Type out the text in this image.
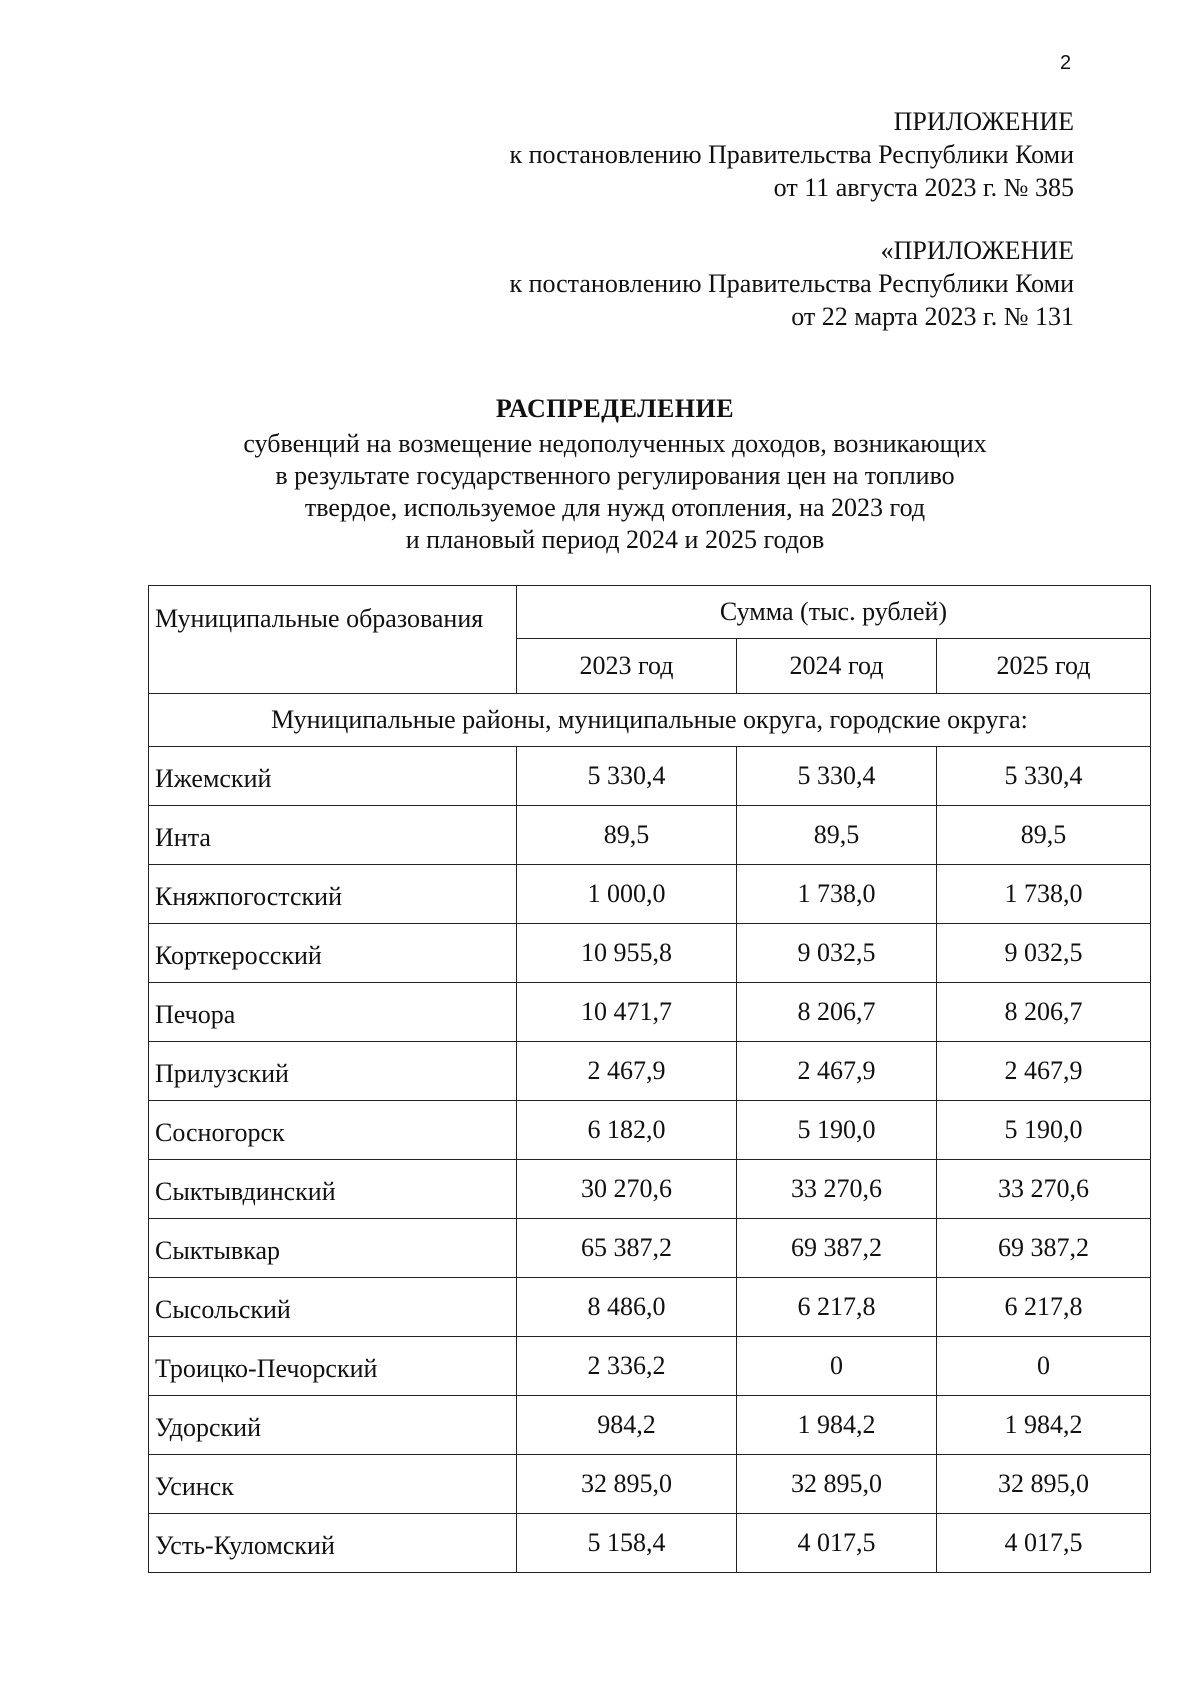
2
ПРИЛОЖЕНИЕ
к постановлению Правительства Республики Коми
от 11 августа 2023 г. № 385
«ПРИЛОЖЕНИЕ
к постановлению Правительства Республики Коми
от 22 марта 2023 г. № 131
РАСПРЕДЕЛЕНИЕ
субвенций на возмещение недополученных доходов, возникающих
в результате государственного регулирования цен на топливо
твердое, используемое для нужд отопления, на 2023 год
и плановый период 2024 и 2025 годов
Муниципальные образования	Сумма (тыс. рублей)		
	2023 год	2024 год	2025 год
Муниципальные районы, муниципальные округа, городские округа:			
Ижемский	5 330,4	5 330,4	5 330,4
Инта	89,5	89,5	89,5
Княжпогостский	1 000,0	1 738,0	1 738,0
Корткеросский	10 955,8	9 032,5	9 032,5
Печора	10 471,7	8 206,7	8 206,7
Прилузский	2 467,9	2 467,9	2 467,9
Сосногорск	6 182,0	5 190,0	5 190,0
Сыктывдинский	30 270,6	33 270,6	33 270,6
Сыктывкар	65 387,2	69 387,2	69 387,2
Сысольский	8 486,0	6 217,8	6 217,8
Троицко-Печорский	2 336,2	0	0
Удорский	984,2	1 984,2	1 984,2
Усинск	32 895,0	32 895,0	32 895,0
Усть-Куломский	5 158,4	4 017,5	4 017,5
